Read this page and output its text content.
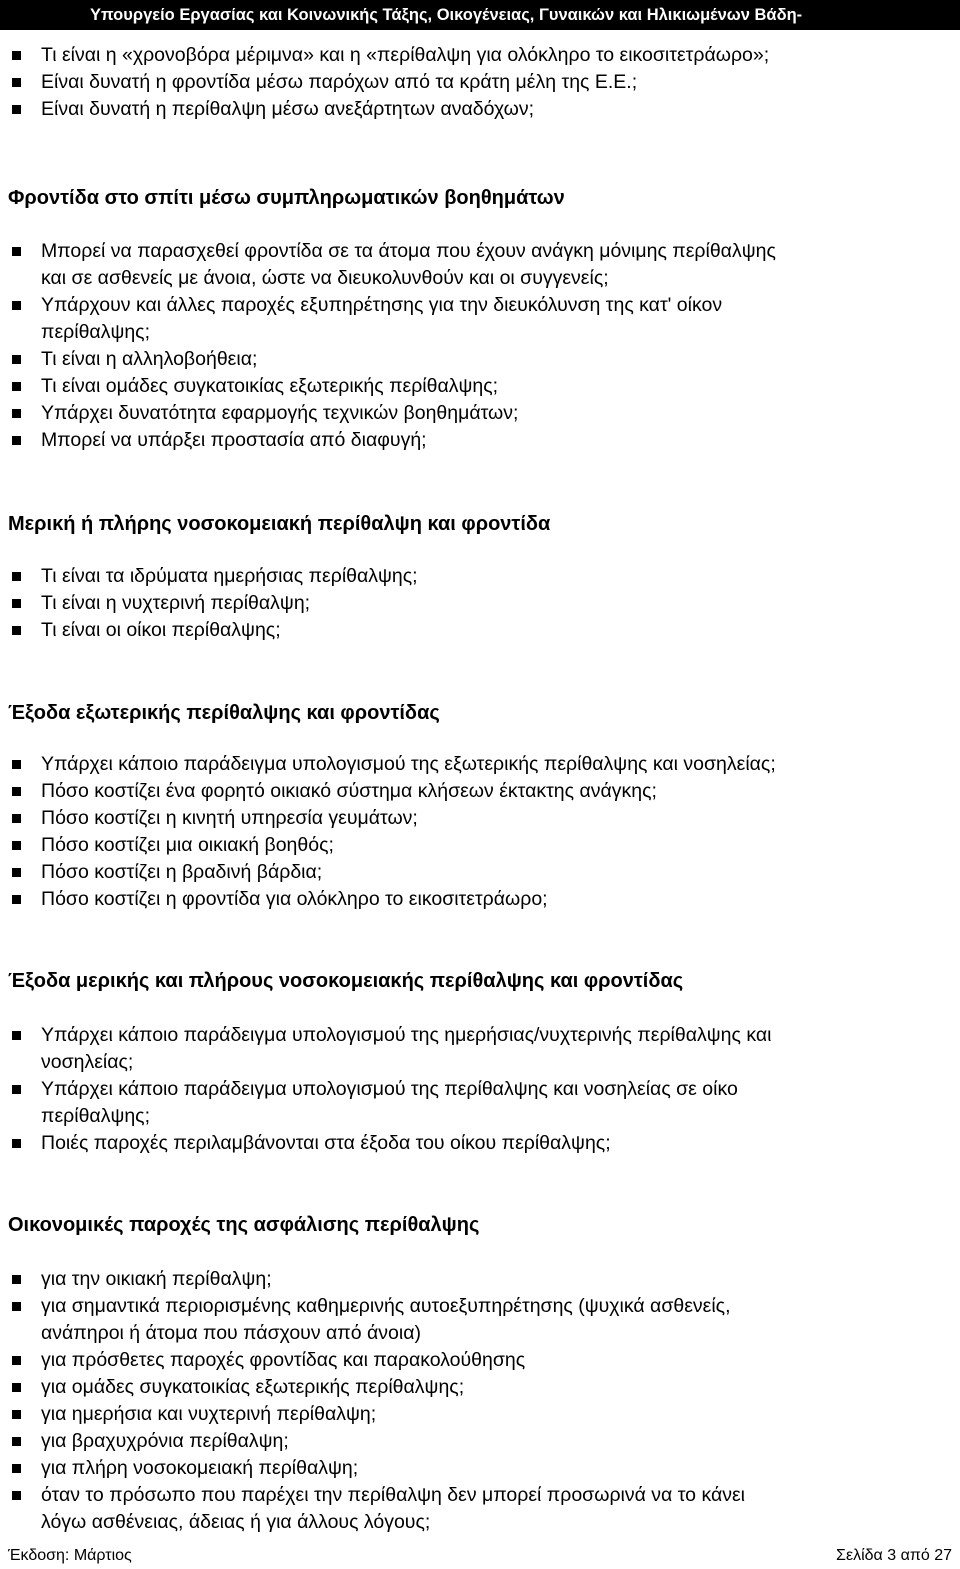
Υπουργείο Εργασίας και Κοινωνικής Τάξης, Οικογένειας, Γυναικών και Ηλικιωμένων Βάδη-
Τι είναι η «χρονοβόρα μέριμνα» και η «περίθαλψη για ολόκληρο το εικοσιτετράωρο»;
Είναι δυνατή η φροντίδα μέσω παρόχων από τα κράτη μέλη της Ε.Ε.;
Είναι δυνατή η περίθαλψη μέσω ανεξάρτητων αναδόχων;
Φροντίδα στο σπίτι μέσω συμπληρωματικών βοηθημάτων
Μπορεί να παρασχεθεί φροντίδα σε τα άτομα που έχουν ανάγκη μόνιμης περίθαλψης
και σε ασθενείς με άνοια, ώστε να διευκολυνθούν και οι συγγενείς;
Υπάρχουν και άλλες παροχές εξυπηρέτησης για την διευκόλυνση της κατ' οίκον
περίθαλψης;
Τι είναι η αλληλοβοήθεια;
Τι είναι ομάδες συγκατοικίας εξωτερικής περίθαλψης;
Υπάρχει δυνατότητα εφαρμογής τεχνικών βοηθημάτων;
Μπορεί να υπάρξει προστασία από διαφυγή;
Μερική ή πλήρης νοσοκομειακή περίθαλψη και φροντίδα
Τι είναι τα ιδρύματα ημερήσιας περίθαλψης;
Τι είναι η νυχτερινή περίθαλψη;
Τι είναι οι οίκοι περίθαλψης;
Έξοδα εξωτερικής περίθαλψης και φροντίδας
Υπάρχει κάποιο παράδειγμα υπολογισμού της εξωτερικής περίθαλψης και νοσηλείας;
Πόσο κοστίζει ένα φορητό οικιακό σύστημα κλήσεων έκτακτης ανάγκης;
Πόσο κοστίζει η κινητή υπηρεσία γευμάτων;
Πόσο κοστίζει μια οικιακή βοηθός;
Πόσο κοστίζει η βραδινή βάρδια;
Πόσο κοστίζει η φροντίδα για ολόκληρο το εικοσιτετράωρο;
Έξοδα μερικής και πλήρους νοσοκομειακής περίθαλψης και φροντίδας
Υπάρχει κάποιο παράδειγμα υπολογισμού της ημερήσιας/νυχτερινής περίθαλψης και
νοσηλείας;
Υπάρχει κάποιο παράδειγμα υπολογισμού της περίθαλψης και νοσηλείας σε οίκο
περίθαλψης;
Ποιές παροχές περιλαμβάνονται στα έξοδα του οίκου περίθαλψης;
Οικονομικές παροχές της ασφάλισης περίθαλψης
για την οικιακή περίθαλψη;
για σημαντικά περιορισμένης καθημερινής αυτοεξυπηρέτησης (ψυχικά ασθενείς,
ανάπηροι ή άτομα που πάσχουν από άνοια)
για πρόσθετες παροχές φροντίδας και παρακολούθησης
για ομάδες συγκατοικίας εξωτερικής περίθαλψης;
για ημερήσια και νυχτερινή περίθαλψη;
για βραχυχρόνια περίθαλψη;
για πλήρη νοσοκομειακή περίθαλψη;
όταν το πρόσωπο που παρέχει την περίθαλψη δεν μπορεί προσωρινά να το κάνει
λόγω ασθένειας, άδειας ή για άλλους λόγους;
Έκδοση: Μάρτιος	Σελίδα 3 από 27
